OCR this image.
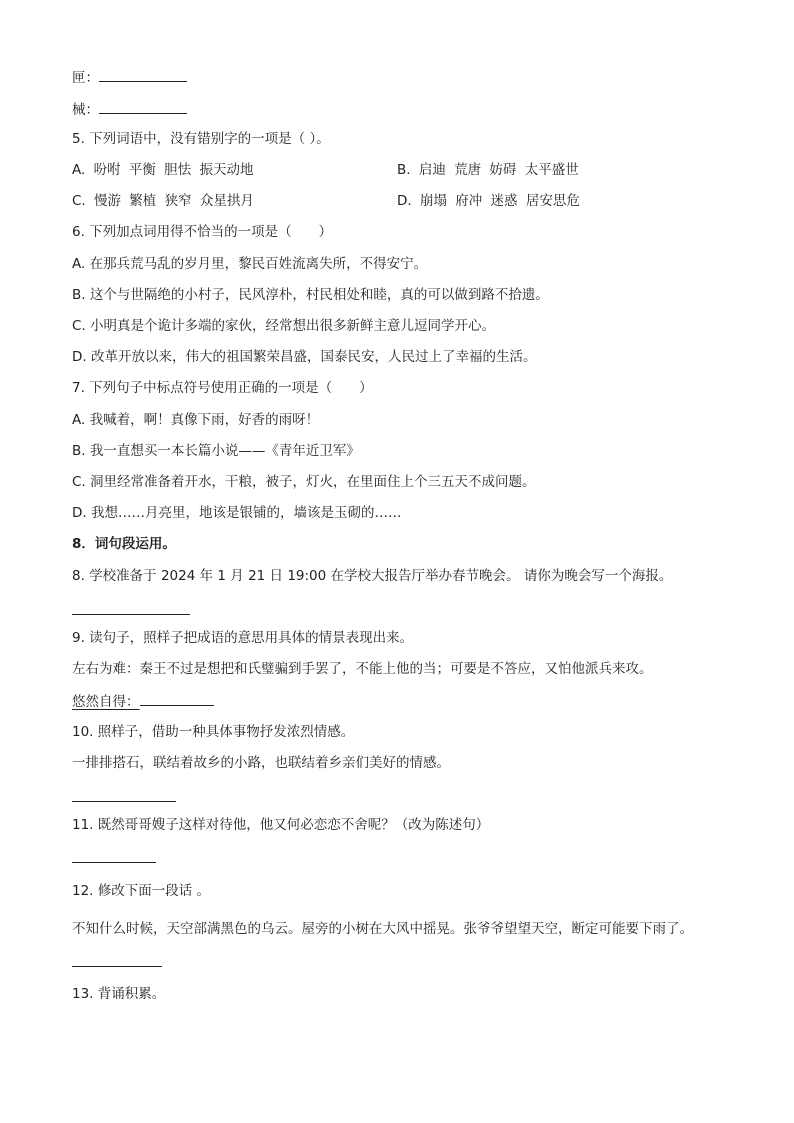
匣：
械：
5. 下列词语中，没有错别字的一项是（ ）。
A. 吩咐 平衡 胆怯 振天动地	B. 启迪 荒唐 妨碍 太平盛世
C. 慢游 繁植 狭窄 众星拱月	D. 崩塌 府冲 迷惑 居安思危
6. 下列加点词用得不恰当的一项是（　　）
A. 在那兵荒马乱的岁月里，黎民百姓流离失所，不得安宁。
B. 这个与世隔绝的小村子，民风淳朴，村民相处和睦，真的可以做到路不拾遗。
C. 小明真是个诡计多端的家伙，经常想出很多新鲜主意儿逗同学开心。
D. 改革开放以来，伟大的祖国繁荣昌盛，国泰民安，人民过上了幸福的生活。
7. 下列句子中标点符号使用正确的一项是（　　）
A. 我喊着，啊！真像下雨，好香的雨呀！
B. 我一直想买一本长篇小说——《青年近卫军》
C. 洞里经常准备着开水，干粮，被子，灯火，在里面住上个三五天不成问题。
D. 我想……月亮里，地该是银铺的，墙该是玉砌的……
8．词句段运用。
8. 学校准备于 2024 年 1 月 21 日 19:00 在学校大报告厅举办春节晚会。 请你为晚会写一个海报。
9. 读句子，照样子把成语的意思用具体的情景表现出来。
左右为难：秦王不过是想把和氏璧骗到手罢了，不能上他的当；可要是不答应，又怕他派兵来攻。
悠然自得：
10. 照样子，借助一种具体事物抒发浓烈情感。
一排排搭石，联结着故乡的小路，也联结着乡亲们美好的情感。
11. 既然哥哥嫂子这样对待他，他又何必恋恋不舍呢？（改为陈述句）
12. 修改下面一段话 。
不知什么时候，天空部满黑色的乌云。屋旁的小树在大风中摇晃。张爷爷望望天空，断定可能要下雨了。
13. 背诵积累。
